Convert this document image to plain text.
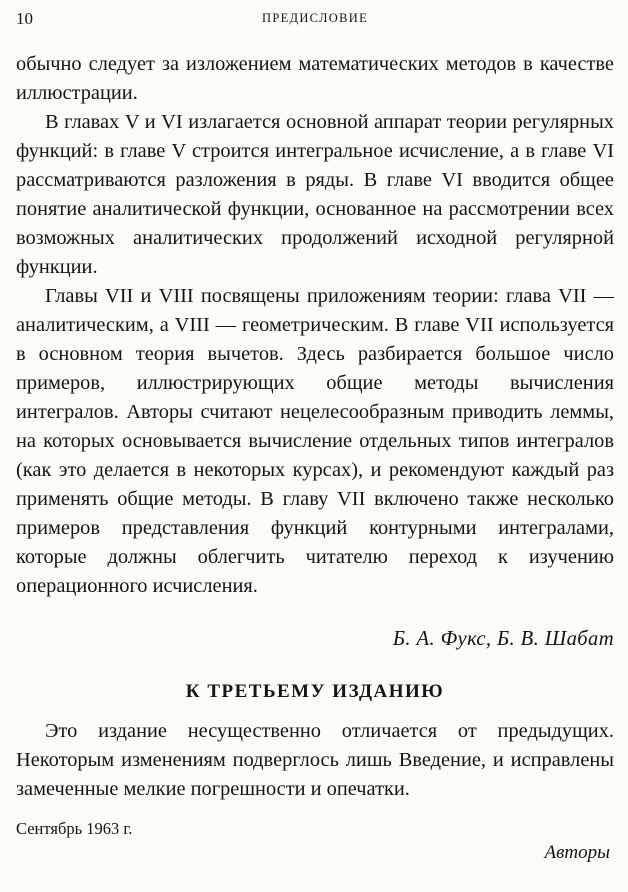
10	ПРЕДИСЛОВИЕ

обычно следует за изложением математических методов в качестве иллюстрации.

В главах V и VI излагается основной аппарат теории регулярных функций: в главе V строится интегральное исчисление, а в главе VI рассматриваются разложения в ряды. В главе VI вводится общее понятие аналитической функции, основанное на рассмотрении всех возможных аналитических продолжений исходной регулярной функции.

Главы VII и VIII посвящены приложениям теории: глава VII — аналитическим, а VIII — геометрическим. В главе VII используется в основном теория вычетов. Здесь разбирается большое число примеров, иллюстрирующих общие методы вычисления интегралов. Авторы считают нецелесообразным приводить леммы, на которых основывается вычисление отдельных типов интегралов (как это делается в некоторых курсах), и рекомендуют каждый раз применять общие методы. В главу VII включено также несколько примеров представления функций контурными интегралами, которые должны облегчить читателю переход к изучению операционного исчисления.

Б. А. Фукс, Б. В. Шабат
К ТРЕТЬЕМУ ИЗДАНИЮ

Это издание несущественно отличается от предыдущих. Некоторым изменениям подверглось лишь Введение, и исправлены замеченные мелкие погрешности и опечатки.

Сентябрь 1963 г.
Авторы
